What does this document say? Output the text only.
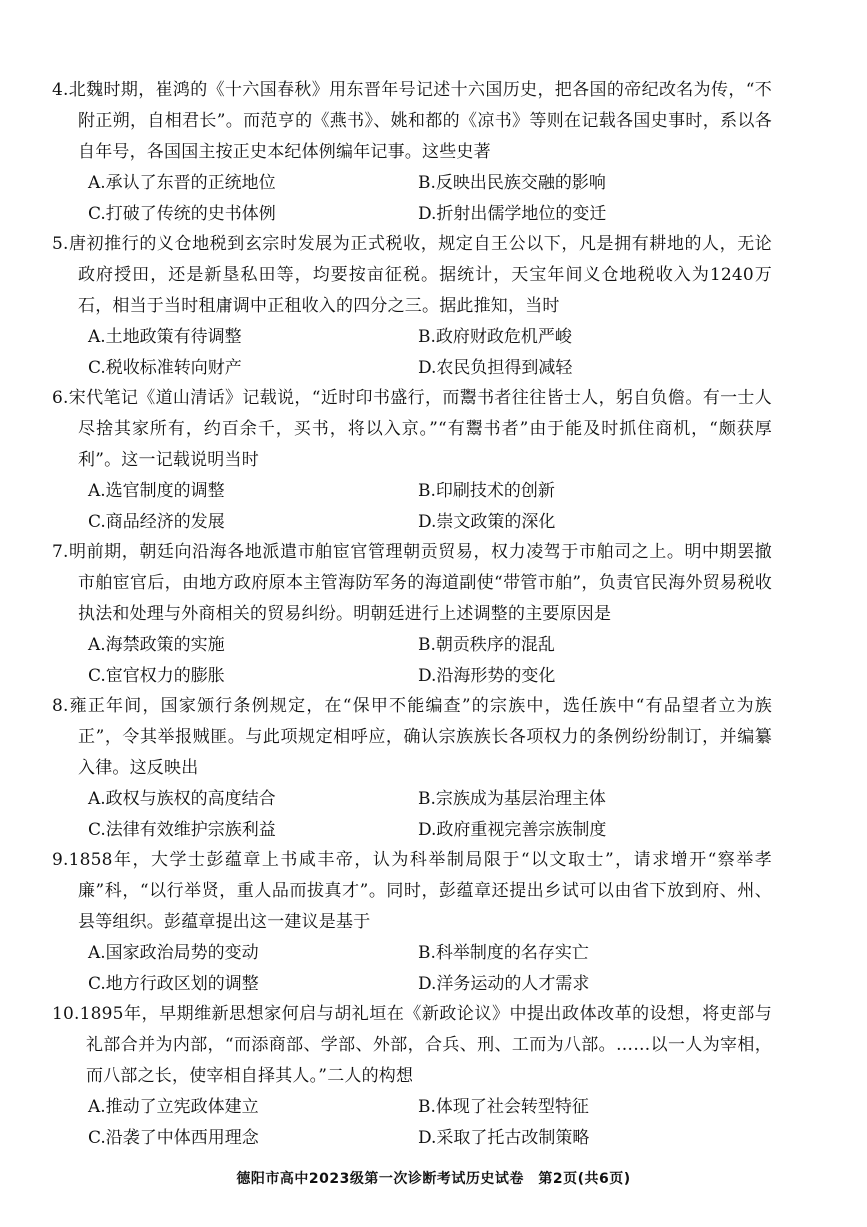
4.北魏时期，崔鸿的《十六国春秋》用东晋年号记述十六国历史，把各国的帝纪改名为传，“不附正朔，自相君长”。而范亨的《燕书》、姚和都的《凉书》等则在记载各国史事时，系以各自年号，各国国主按正史本纪体例编年记事。这些史著

A.承认了东晋的正统地位	B.反映出民族交融的影响
C.打破了传统的史书体例	D.折射出儒学地位的变迁

5.唐初推行的义仓地税到玄宗时发展为正式税收，规定自王公以下，凡是拥有耕地的人，无论政府授田，还是新垦私田等，均要按亩征税。据统计，天宝年间义仓地税收入为1240万石，相当于当时租庸调中正租收入的四分之三。据此推知，当时

A.土地政策有待调整	B.政府财政危机严峻
C.税收标准转向财产	D.农民负担得到减轻

6.宋代笔记《道山清话》记载说，“近时印书盛行，而鬻书者往往皆士人，躬自负儋。有一士人尽捨其家所有，约百余千，买书，将以入京。”“有鬻书者”由于能及时抓住商机，“颇获厚利”。这一记载说明当时

A.选官制度的调整	B.印刷技术的创新
C.商品经济的发展	D.崇文政策的深化

7.明前期，朝廷向沿海各地派遣市舶宦官管理朝贡贸易，权力凌驾于市舶司之上。明中期罢撤市舶宦官后，由地方政府原本主管海防军务的海道副使“带管市舶”，负责官民海外贸易税收执法和处理与外商相关的贸易纠纷。明朝廷进行上述调整的主要原因是

A.海禁政策的实施	B.朝贡秩序的混乱
C.宦官权力的膨胀	D.沿海形势的变化

8.雍正年间，国家颁行条例规定，在“保甲不能编查”的宗族中，选任族中“有品望者立为族正”，令其举报贼匪。与此项规定相呼应，确认宗族族长各项权力的条例纷纷制订，并编纂入律。这反映出

A.政权与族权的高度结合	B.宗族成为基层治理主体
C.法律有效维护宗族利益	D.政府重视完善宗族制度

9.1858年，大学士彭蕴章上书咸丰帝，认为科举制局限于“以文取士”，请求增开“察举孝廉”科，“以行举贤，重人品而拔真才”。同时，彭蕴章还提出乡试可以由省下放到府、州、县等组织。彭蕴章提出这一建议是基于

A.国家政治局势的变动	B.科举制度的名存实亡
C.地方行政区划的调整	D.洋务运动的人才需求

10.1895年，早期维新思想家何启与胡礼垣在《新政论议》中提出政体改革的设想，将吏部与礼部合并为内部，“而添商部、学部、外部，合兵、刑、工而为八部。……以一人为宰相，而八部之长，使宰相自择其人。”二人的构想

A.推动了立宪政体建立	B.体现了社会转型特征
C.沿袭了中体西用理念	D.采取了托古改制策略
德阳市高中2023级第一次诊断考试历史试卷　第2页(共6页)
